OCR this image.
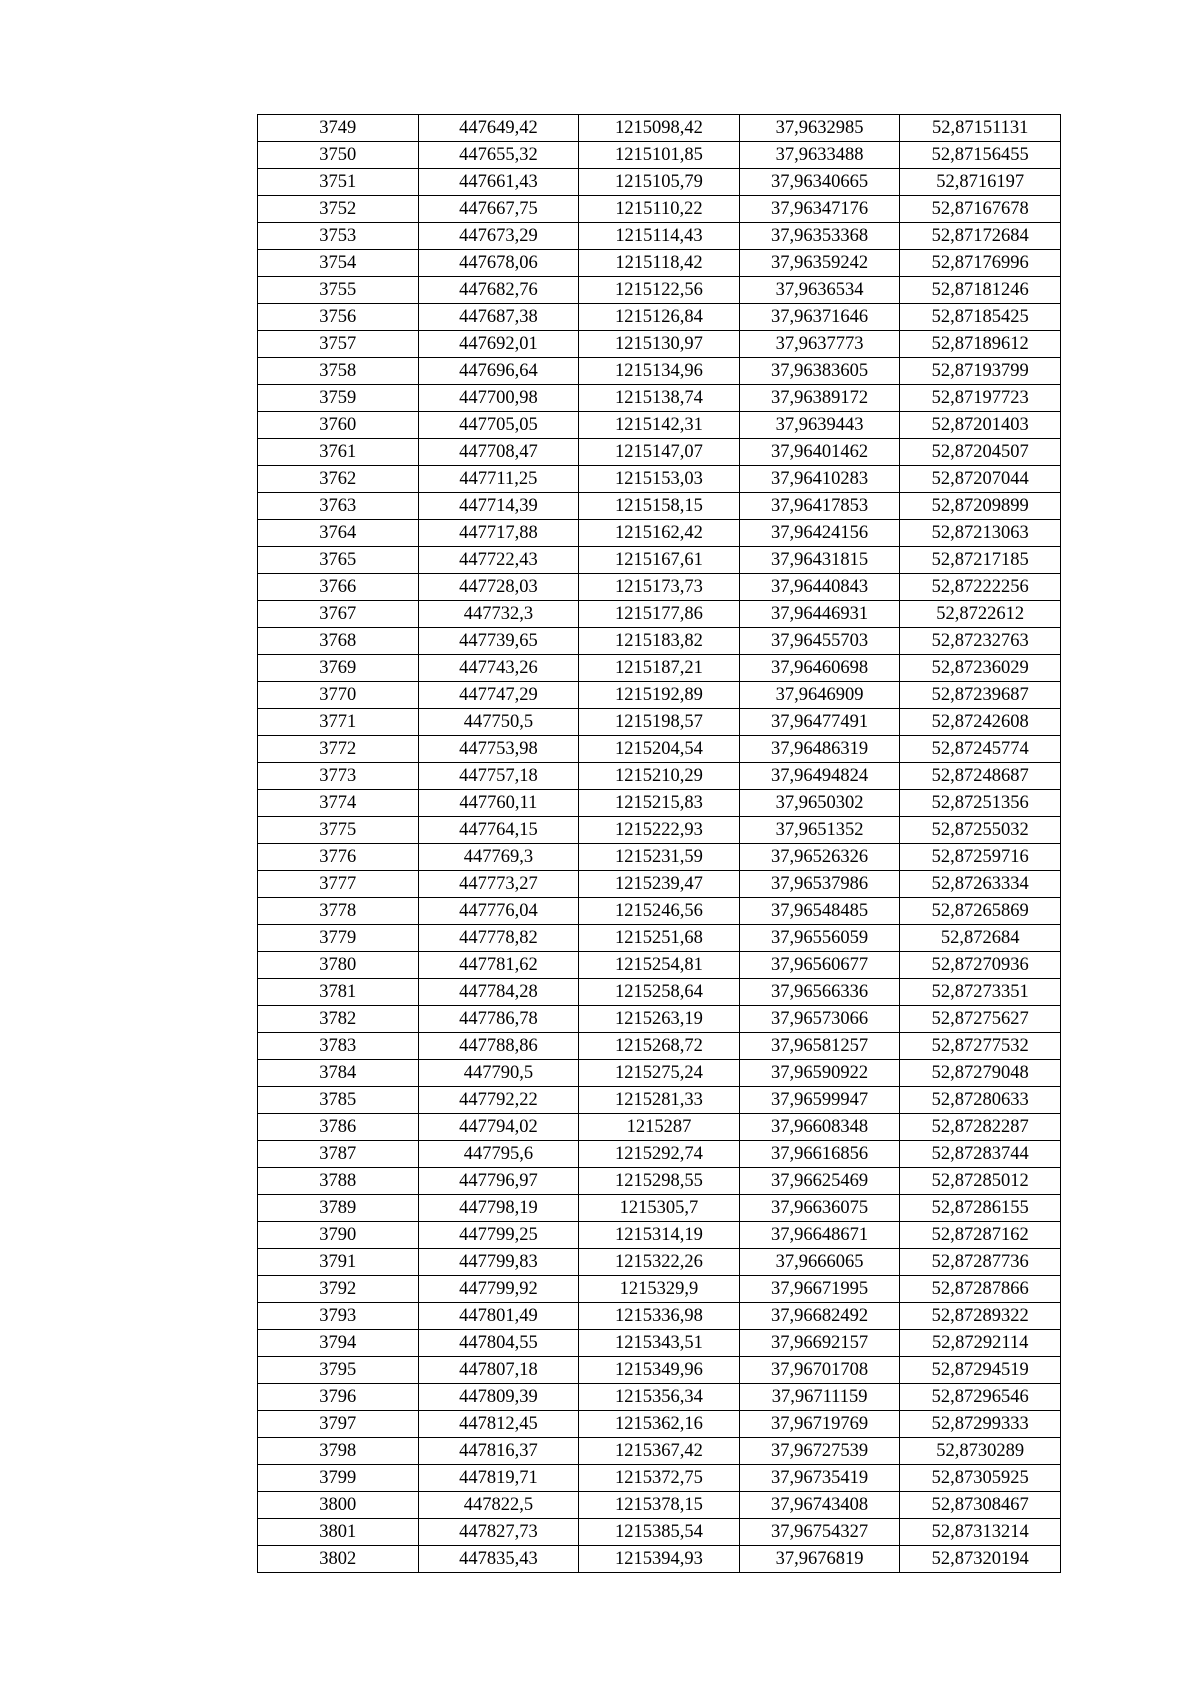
3749	447649,42	1215098,42	37,9632985	52,87151131
3750	447655,32	1215101,85	37,9633488	52,87156455
3751	447661,43	1215105,79	37,96340665	52,8716197
3752	447667,75	1215110,22	37,96347176	52,87167678
3753	447673,29	1215114,43	37,96353368	52,87172684
3754	447678,06	1215118,42	37,96359242	52,87176996
3755	447682,76	1215122,56	37,9636534	52,87181246
3756	447687,38	1215126,84	37,96371646	52,87185425
3757	447692,01	1215130,97	37,9637773	52,87189612
3758	447696,64	1215134,96	37,96383605	52,87193799
3759	447700,98	1215138,74	37,96389172	52,87197723
3760	447705,05	1215142,31	37,9639443	52,87201403
3761	447708,47	1215147,07	37,96401462	52,87204507
3762	447711,25	1215153,03	37,96410283	52,87207044
3763	447714,39	1215158,15	37,96417853	52,87209899
3764	447717,88	1215162,42	37,96424156	52,87213063
3765	447722,43	1215167,61	37,96431815	52,87217185
3766	447728,03	1215173,73	37,96440843	52,87222256
3767	447732,3	1215177,86	37,96446931	52,8722612
3768	447739,65	1215183,82	37,96455703	52,87232763
3769	447743,26	1215187,21	37,96460698	52,87236029
3770	447747,29	1215192,89	37,9646909	52,87239687
3771	447750,5	1215198,57	37,96477491	52,87242608
3772	447753,98	1215204,54	37,96486319	52,87245774
3773	447757,18	1215210,29	37,96494824	52,87248687
3774	447760,11	1215215,83	37,9650302	52,87251356
3775	447764,15	1215222,93	37,9651352	52,87255032
3776	447769,3	1215231,59	37,96526326	52,87259716
3777	447773,27	1215239,47	37,96537986	52,87263334
3778	447776,04	1215246,56	37,96548485	52,87265869
3779	447778,82	1215251,68	37,96556059	52,872684
3780	447781,62	1215254,81	37,96560677	52,87270936
3781	447784,28	1215258,64	37,96566336	52,87273351
3782	447786,78	1215263,19	37,96573066	52,87275627
3783	447788,86	1215268,72	37,96581257	52,87277532
3784	447790,5	1215275,24	37,96590922	52,87279048
3785	447792,22	1215281,33	37,96599947	52,87280633
3786	447794,02	1215287	37,96608348	52,87282287
3787	447795,6	1215292,74	37,96616856	52,87283744
3788	447796,97	1215298,55	37,96625469	52,87285012
3789	447798,19	1215305,7	37,96636075	52,87286155
3790	447799,25	1215314,19	37,96648671	52,87287162
3791	447799,83	1215322,26	37,9666065	52,87287736
3792	447799,92	1215329,9	37,96671995	52,87287866
3793	447801,49	1215336,98	37,96682492	52,87289322
3794	447804,55	1215343,51	37,96692157	52,87292114
3795	447807,18	1215349,96	37,96701708	52,87294519
3796	447809,39	1215356,34	37,96711159	52,87296546
3797	447812,45	1215362,16	37,96719769	52,87299333
3798	447816,37	1215367,42	37,96727539	52,8730289
3799	447819,71	1215372,75	37,96735419	52,87305925
3800	447822,5	1215378,15	37,96743408	52,87308467
3801	447827,73	1215385,54	37,96754327	52,87313214
3802	447835,43	1215394,93	37,9676819	52,87320194
